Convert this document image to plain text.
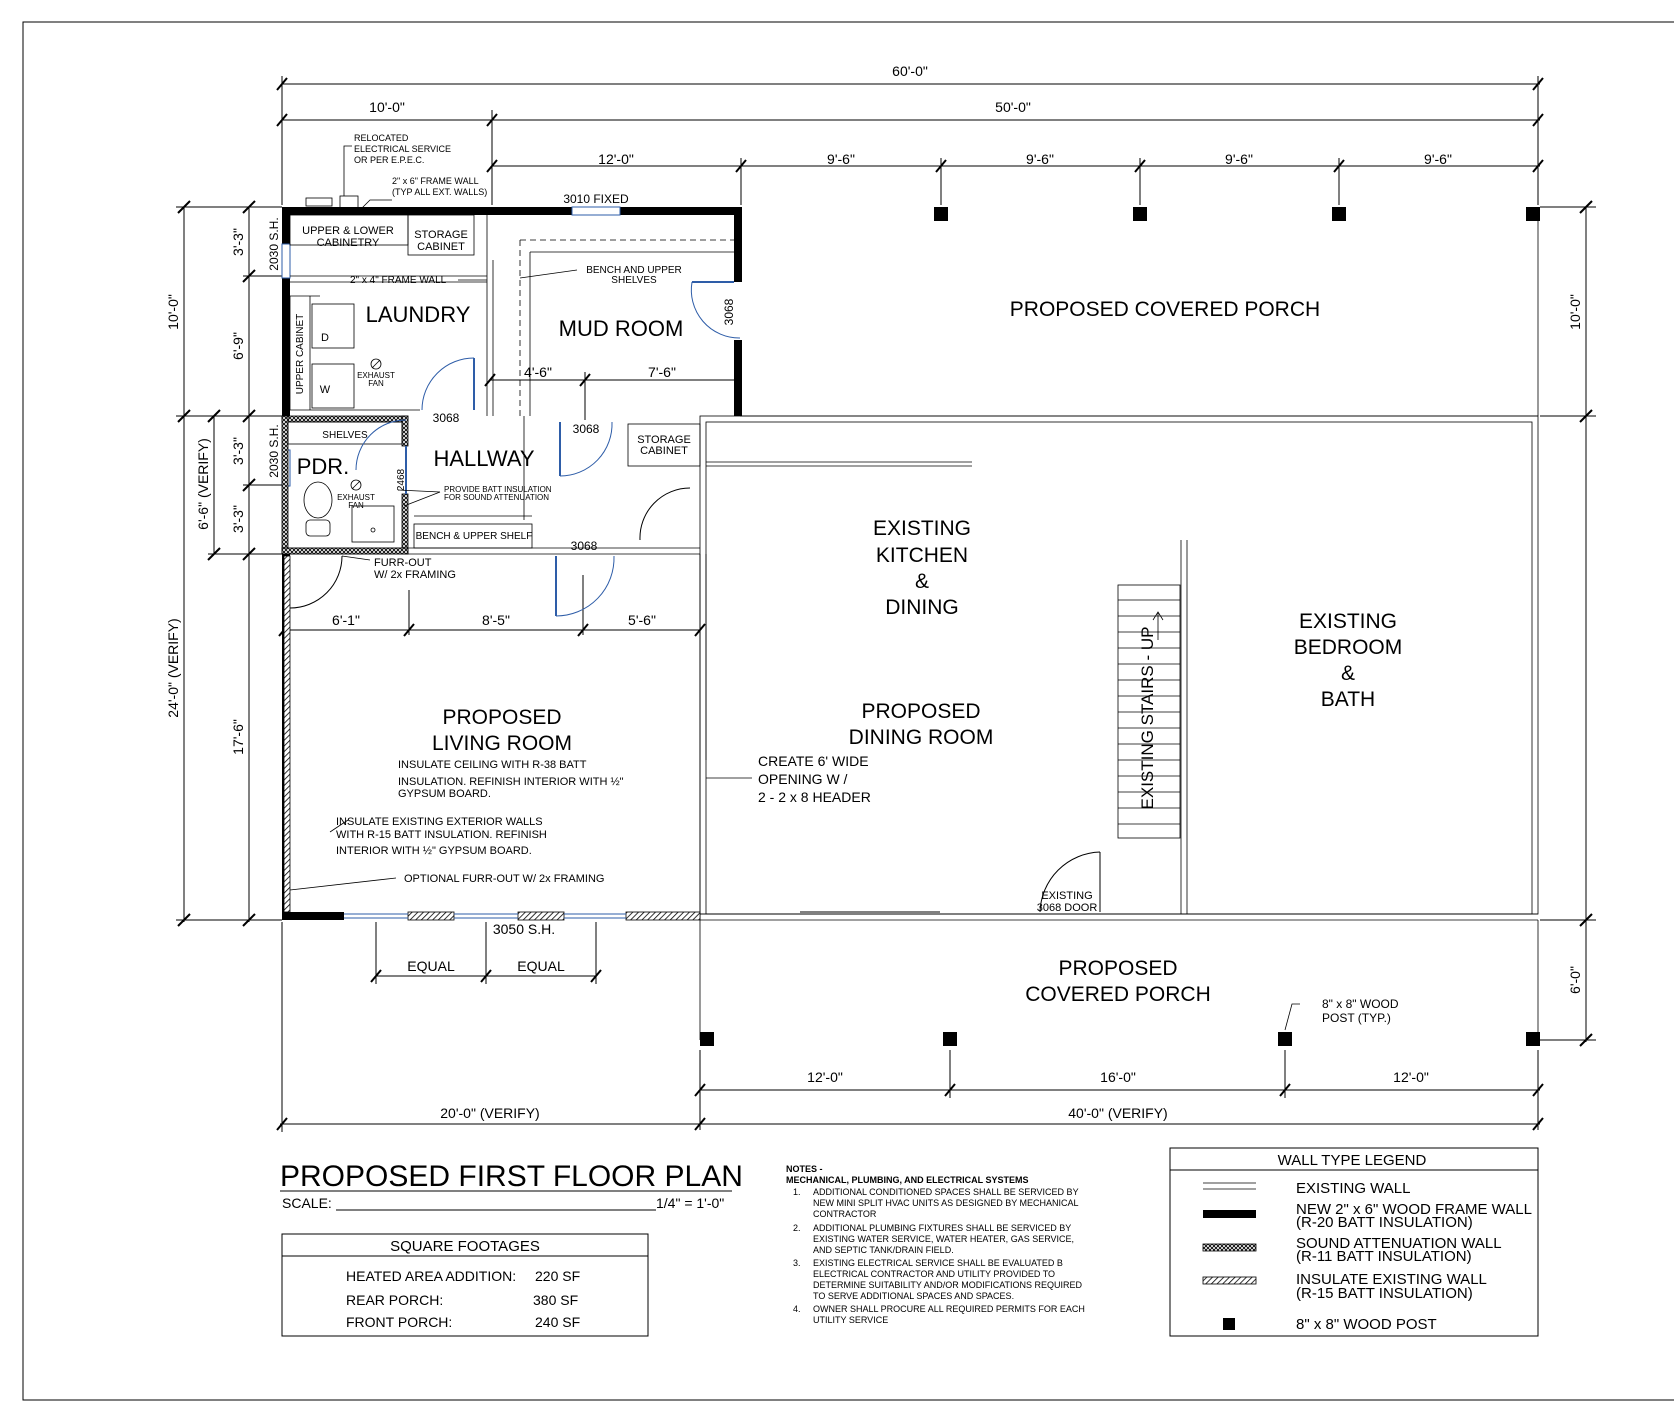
60'-0"
10'-0"	50'-0"
12'-0"	9'-6"	9'-6"	9'-6"	9'-6"
10'-0"
6'-6" (VERIFY)
24'-0" (VERIFY)
3'-3"
6'-9"
3'-3"
3'-3"
17'-6"
10'-0"
6'-0"
4'-6"	7'-6"
6'-1"	8'-5"	5'-6"
EQUAL	EQUAL
12'-0"	16'-0"	12'-0"
20'-0" (VERIFY)	40'-0" (VERIFY)
LAUNDRY
MUD ROOM
HALLWAY
PDR.
PROPOSED COVERED PORCH
EXISTING
KITCHEN
&
DINING
EXISTING
BEDROOM
&
BATH
PROPOSED
LIVING ROOM
PROPOSED
DINING ROOM
PROPOSED
COVERED PORCH
EXISTING STAIRS - UP
RELOCATED
ELECTRICAL SERVICE
OR PER E.P.E.C.
2" x 6" FRAME WALL
(TYP ALL EXT. WALLS)	3010 FIXED
UPPER & LOWER
CABINETRY
STORAGE
CABINET
2" x 4" FRAME WALL
BENCH AND UPPER
SHELVES
3068
2030 S.H.
2030 S.H.
D
W
UPPER CABINET	EXHAUST
FAN
EXHAUST
FAN
3068
3068
STORAGE
CABINET
SHELVES
2468	PROVIDE BATT INSULATION
FOR SOUND ATTENUATION
BENCH & UPPER SHELF
3068
FURR-OUT
W/ 2x FRAMING
INSULATE CEILING WITH R-38 BATT
INSULATION. REFINISH INTERIOR WITH ½"
GYPSUM BOARD.
INSULATE EXISTING EXTERIOR WALLS
WITH R-15 BATT INSULATION. REFINISH
INTERIOR WITH ½" GYPSUM BOARD.
OPTIONAL FURR-OUT W/ 2x FRAMING
CREATE 6' WIDE
OPENING W /
2 - 2 x 8 HEADER
EXISTING
3068 DOOR
3050 S.H.
8" x 8" WOOD
POST (TYP.)
PROPOSED FIRST FLOOR PLAN
SCALE:	1/4" = 1'-0"
SQUARE FOOTAGES
HEATED AREA ADDITION: 220 SF
REAR PORCH:	380 SF
FRONT PORCH:	240 SF
NOTES -
MECHANICAL, PLUMBING, AND ELECTRICAL SYSTEMS
1. ADDITIONAL CONDITIONED SPACES SHALL BE SERVICED BY
NEW MINI SPLIT HVAC UNITS AS DESIGNED BY MECHANICAL
CONTRACTOR
2. ADDITIONAL PLUMBING FIXTURES SHALL BE SERVICED BY
EXISTING WATER SERVICE, WATER HEATER, GAS SERVICE,
AND SEPTIC TANK/DRAIN FIELD.
3. EXISTING ELECTRICAL SERVICE SHALL BE EVALUATED B
ELECTRICAL CONTRACTOR AND UTILITY PROVIDED TO
DETERMINE SUITABILITY AND/OR MODIFICATIONS REQUIRED
TO SERVE ADDITIONAL SPACES AND SPACES.
4. OWNER SHALL PROCURE ALL REQUIRED PERMITS FOR EACH
UTILITY SERVICE
WALL TYPE LEGEND
EXISTING WALL
NEW 2" x 6" WOOD FRAME WALL
(R-20 BATT INSULATION)
SOUND ATTENUATION WALL
(R-11 BATT INSULATION)
INSULATE EXISTING WALL
(R-15 BATT INSULATION)
8" x 8" WOOD POST
